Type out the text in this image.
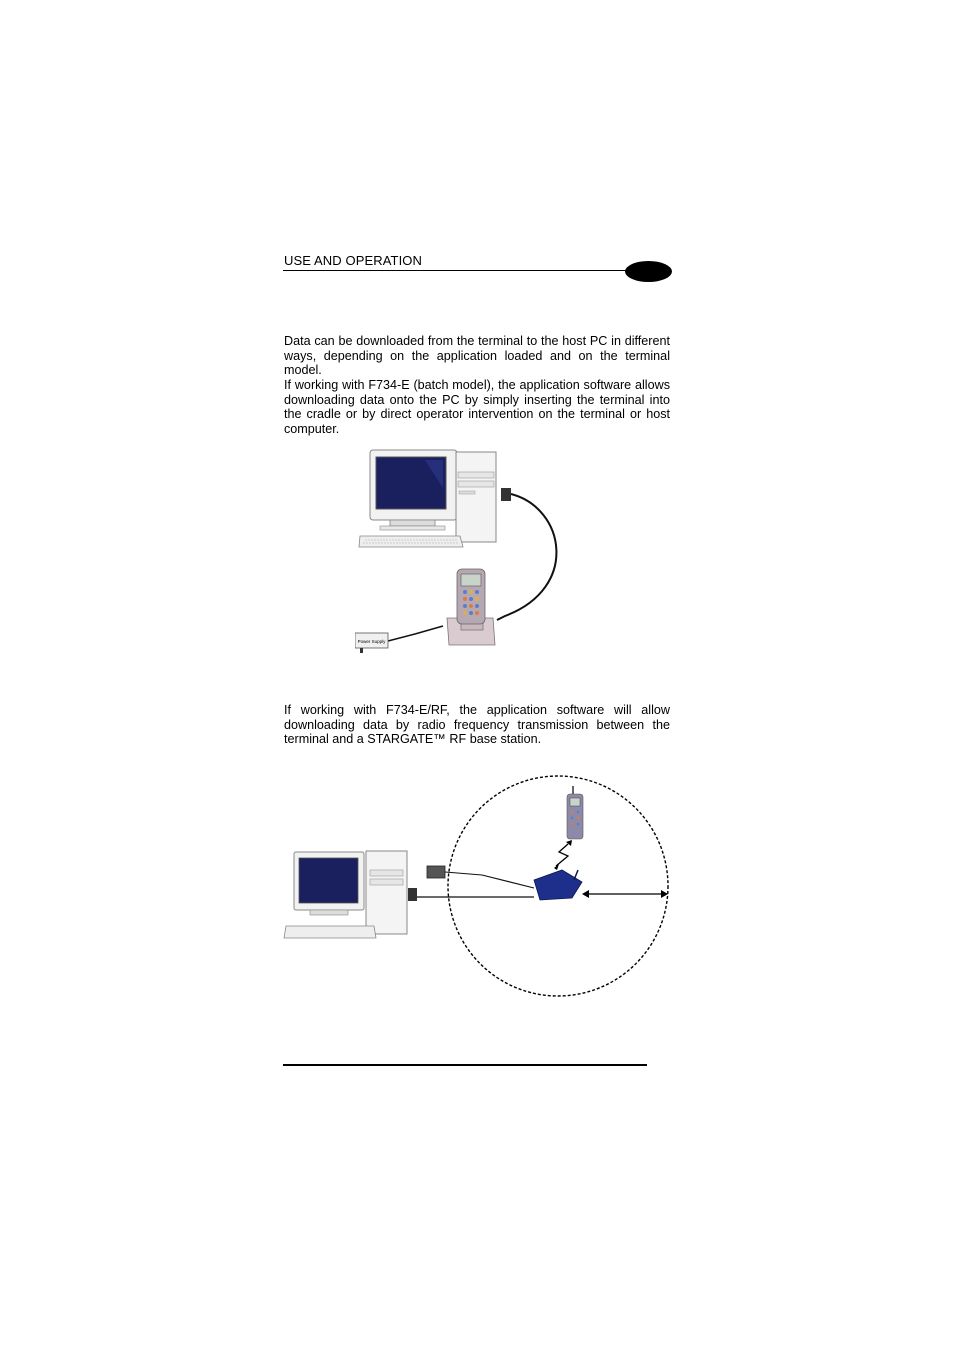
USE AND OPERATION

Data can be downloaded from the terminal to the host PC in different ways, depending on the application loaded and on the terminal model.

If working with F734-E (batch model), the application software allows downloading data onto the PC by simply inserting the terminal into the cradle or by direct operator intervention on the terminal or host computer.

Power Supply

If working with F734-E/RF, the application software will allow downloading data by radio frequency transmission between the terminal and a STARGATE™ RF base station.
